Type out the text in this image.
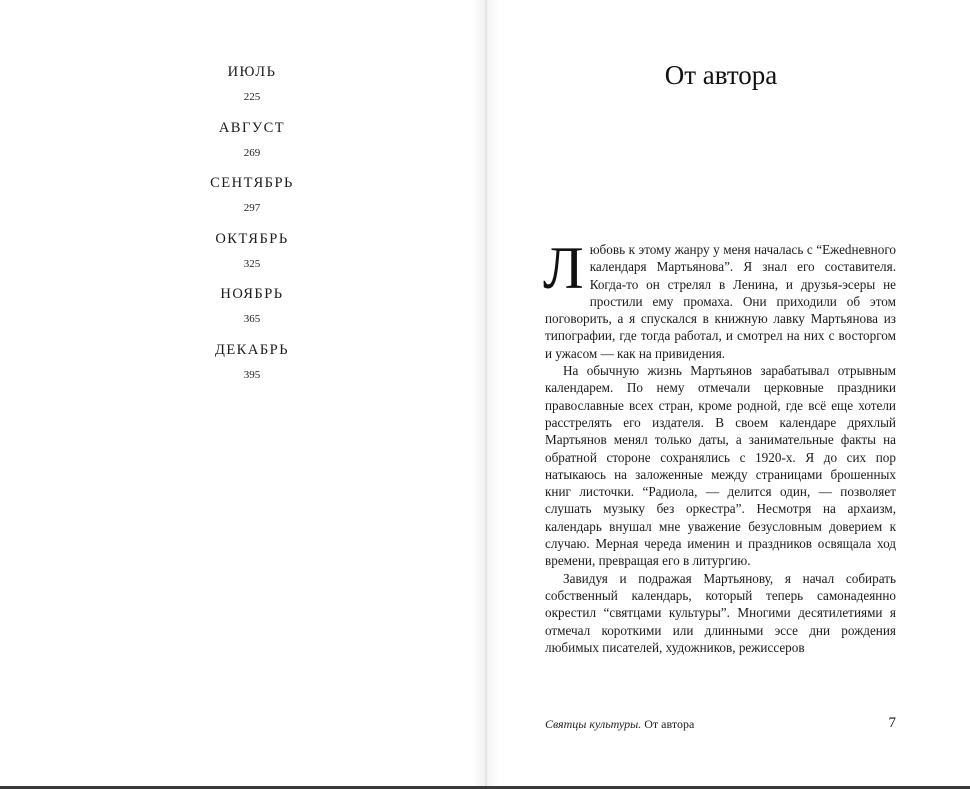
ИЮЛЬ
225
АВГУСТ
269
СЕНТЯБРЬ
297
ОКТЯБРЬ
325
НОЯБРЬ
365
ДЕКАБРЬ
395
От автора

Любовь к этому жанру у меня началась с “Ежеdневного календаря Мартьянова”. Я знал его составителя. Когда-то он стрелял в Ленина, и друзья-эсеры не простили ему промаха. Они приходили об этом поговорить, а я спускался в книжную лавку Мартьянова из типографии, где тогда работал, и смотрел на них с восторгом и ужасом — как на привидения.

На обычную жизнь Мартьянов зарабатывал отрывным календарем. По нему отмечали церковные праздники православные всех стран, кроме родной, где всё еще хотели расстрелять его издателя. В своем календаре дряхлый Мартьянов менял только даты, а занимательные факты на обратной стороне сохранялись с 1920-х. Я до сих пор натыкаюсь на заложенные между страницами брошенных книг листочки. “Радиола, — делится один, — позволяет слушать музыку без оркестра”. Несмотря на архаизм, календарь внушал мне уважение безусловным доверием к случаю. Мерная череда именин и праздников освящала ход времени, превращая его в литургию.

Завидуя и подражая Мартьянову, я начал собирать собственный календарь, который теперь самонадеянно окрестил “святцами культуры”. Многими десятилетиями я отмечал короткими или длинными эссе дни рождения любимых писателей, художников, режиссеров

Святцы культуры. От автора	7
